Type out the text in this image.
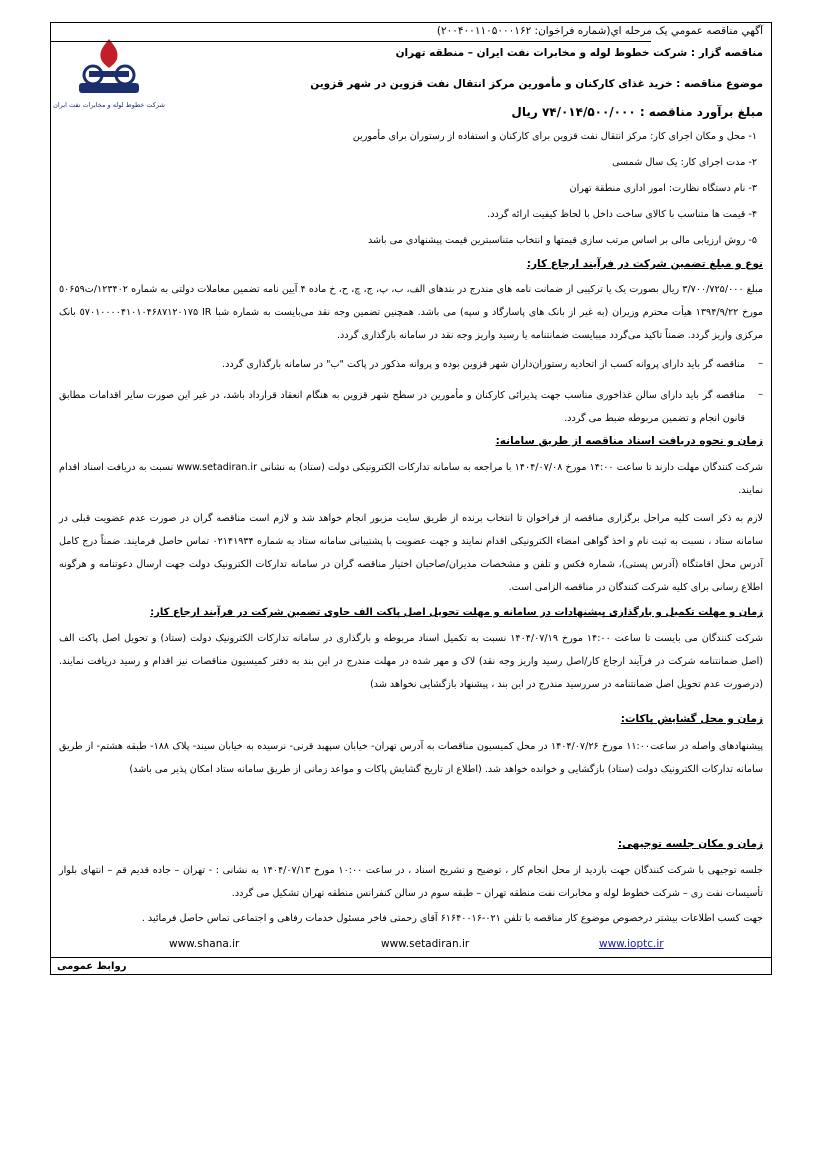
شرکت خطوط لوله و مخابرات نفت ایران
آگهي مناقصه عمومي يک مرحله اي(شماره فراخوان: ٢٠٠۴٠٠١١٠۵٠٠٠١۶٢)
مناقصه گزار : شرکت خطوط لوله و مخابرات نفت ایران – منطقه تهران
موضوع مناقصه : خرید غذای کارکنان و مأمورین مرکز انتقال نفت قزوین در شهر قزوین
مبلغ برآورد مناقصه : ٧۴/٠١۴/۵٠٠/٠٠٠ ریال
١- محل و مکان اجرای کار: مرکز انتقال نفت قزوین برای کارکنان و استفاده از رستوران برای مأمورین
٢- مدت اجرای کار: یک سال شمسی
٣- نام دستگاه نظارت: امور اداری منطقة تهران
۴- قیمت ها متناسب با کالای ساخت داخل با لحاظ کیفیت ارائه گردد.
۵- روش ارزیابی مالی بر اساس مرتب سازی قیمتها و انتخاب متناسبترین قیمت پیشنهادی می باشد
نوع و مبلغ تضمین شرکت در فرآیند ارجاع کار:
مبلغ ٣/٧٠٠/٧٢۵/٠٠٠ ریال بصورت یک یا ترکیبی از ضمانت نامه های مندرج در بندهای الف، ب، پ، ج، چ، ح، خ ماده ۴ آیین نامه تضمین معاملات دولتی به شماره ١٢٣۴٠٢/ت٥٠۶۵٩ مورخ ١٣٩۴/٩/٢٢ هیأت محترم وزیران (به غیر از بانک های پاسارگاد و سپه) می باشد. همچنین تضمین وجه نقد می‌بایست به شماره شبا IR ٥٧٠١٠٠٠٠۴١٠١٠۴۶٨٧١٢٠١٧۵ بانک مرکزی واریز گردد. ضمناً تاکید می‌گردد میبایست ضمانتنامه یا رسید واریز وجه نقد در سامانه بارگذاری گردد.
مناقصه گر باید دارای پروانه کسب از اتحادیه رستوران‌داران شهر قزوین بوده و پروانه مذکور در پاکت "ب" در سامانه بارگذاری گردد. –
مناقصه گر باید دارای سالن غذاخوری مناسب جهت پذیرائی کارکنان و مأمورین در سطح شهر قزوین به هنگام انعقاد قرارداد باشد، در غیر این صورت سایر اقدامات مطابق قانون انجام و تضمین مربوطه ضبط می گردد.
–
زمان و نحوه دریافت اسناد مناقصه از طریق سامانه:
شرکت کنندگان مهلت دارند تا ساعت ١۴:٠٠ مورخ ١۴٠۴/٠٧/٠٨ با مراجعه به سامانه تدارکات الکترونیکی دولت (ستاد) به نشانی www.setadiran.ir نسبت به دریافت اسناد اقدام نمایند.
لازم به ذکر است کلیه مراحل برگزاری مناقصه از فراخوان تا انتخاب برنده از طریق سایت مزبور انجام خواهد شد و لازم است مناقصه گران در صورت عدم عضویت قبلی در سامانه ستاد ، نسبت به ثبت نام و اخذ گواهی امضاء الکترونیکی اقدام نمایند و جهت عضویت با پشتیبانی سامانه ستاد به شماره ٠٢١۴١٩٣۴ تماس حاصل فرمایند. ضمناً درج کامل آدرس محل اقامتگاه (آدرس پستی)، شماره فکس و تلفن و مشخصات مدیران/صاحبان اختیار مناقصه گران در سامانه تدارکات الکترونیک دولت جهت ارسال دعوتنامه و هرگونه اطلاع رسانی برای کلیه شرکت کنندگان در مناقصه الزامی است.
زمان و مهلت تکمیل و بارگذاری پیشنهادات در سامانه و مهلت تحویل اصل پاکت الف حاوی تضمین شرکت در فرآیند ارجاع کار:
شرکت کنندگان می بایست تا ساعت ١۴:٠٠ مورخ ١۴٠۴/٠٧/١٩ نسبت به تکمیل اسناد مربوطه و بارگذاری در سامانه تدارکات الکترونیک دولت (ستاد) و تحویل اصل پاکت الف (اصل ضمانتنامه شرکت در فرآیند ارجاع کار/اصل رسید واریز وجه نقد) لاک و مهر شده در مهلت مندرج در این بند به دفتر کمیسیون مناقصات نیز اقدام و رسید دریافت نمایند. (درصورت عدم تحویل اصل ضمانتنامه در سررسید مندرج در این بند ، پیشنهاد بازگشایی نخواهد شد)
زمان و محل گشایش پاکات:
پیشنهادهای واصله در ساعت١١:٠٠ مورخ ١۴٠۴/٠٧/٢۶ در محل کمیسیون مناقصات به آدرس تهران- خیابان سپهبد قرنی- نرسیده به خیابان سیند- پلاک ١٨٨- طبقه هشتم- از طریق سامانه تدارکات الکترونیک دولت (ستاد) بازگشایی و خوانده خواهد شد. (اطلاع از تاریخ گشایش پاکات و مواعد زمانی از طریق سامانه ستاد امکان پذیر می باشد)
زمان و مکان جلسه توجیهی:
جلسه توجیهی با شرکت کنندگان جهت بازدید از محل انجام کار ، توضیح و تشریح اسناد ، در ساعت ١٠:٠٠ مورخ ١۴٠۴/٠٧/١٣ به نشانی : - تهران – جاده قدیم قم – انتهای بلوار تأسیسات نفت ری – شرکت خطوط لوله و مخابرات نفت منطقه تهران – طبقه سوم در سالن کنفرانس منطقه تهران تشکیل می گردد.
جهت کسب اطلاعات بیشتر درخصوص موضوع کار مناقصه با تلفن ٠٢١-۶١۶۴٠٠١۶ آقای رحمتی فاخر مسئول خدمات رفاهی و اجتماعی تماس حاصل فرمائید .
www.shana.ir	www.setadiran.ir	www.ioptc.ir
روابط عمومی
